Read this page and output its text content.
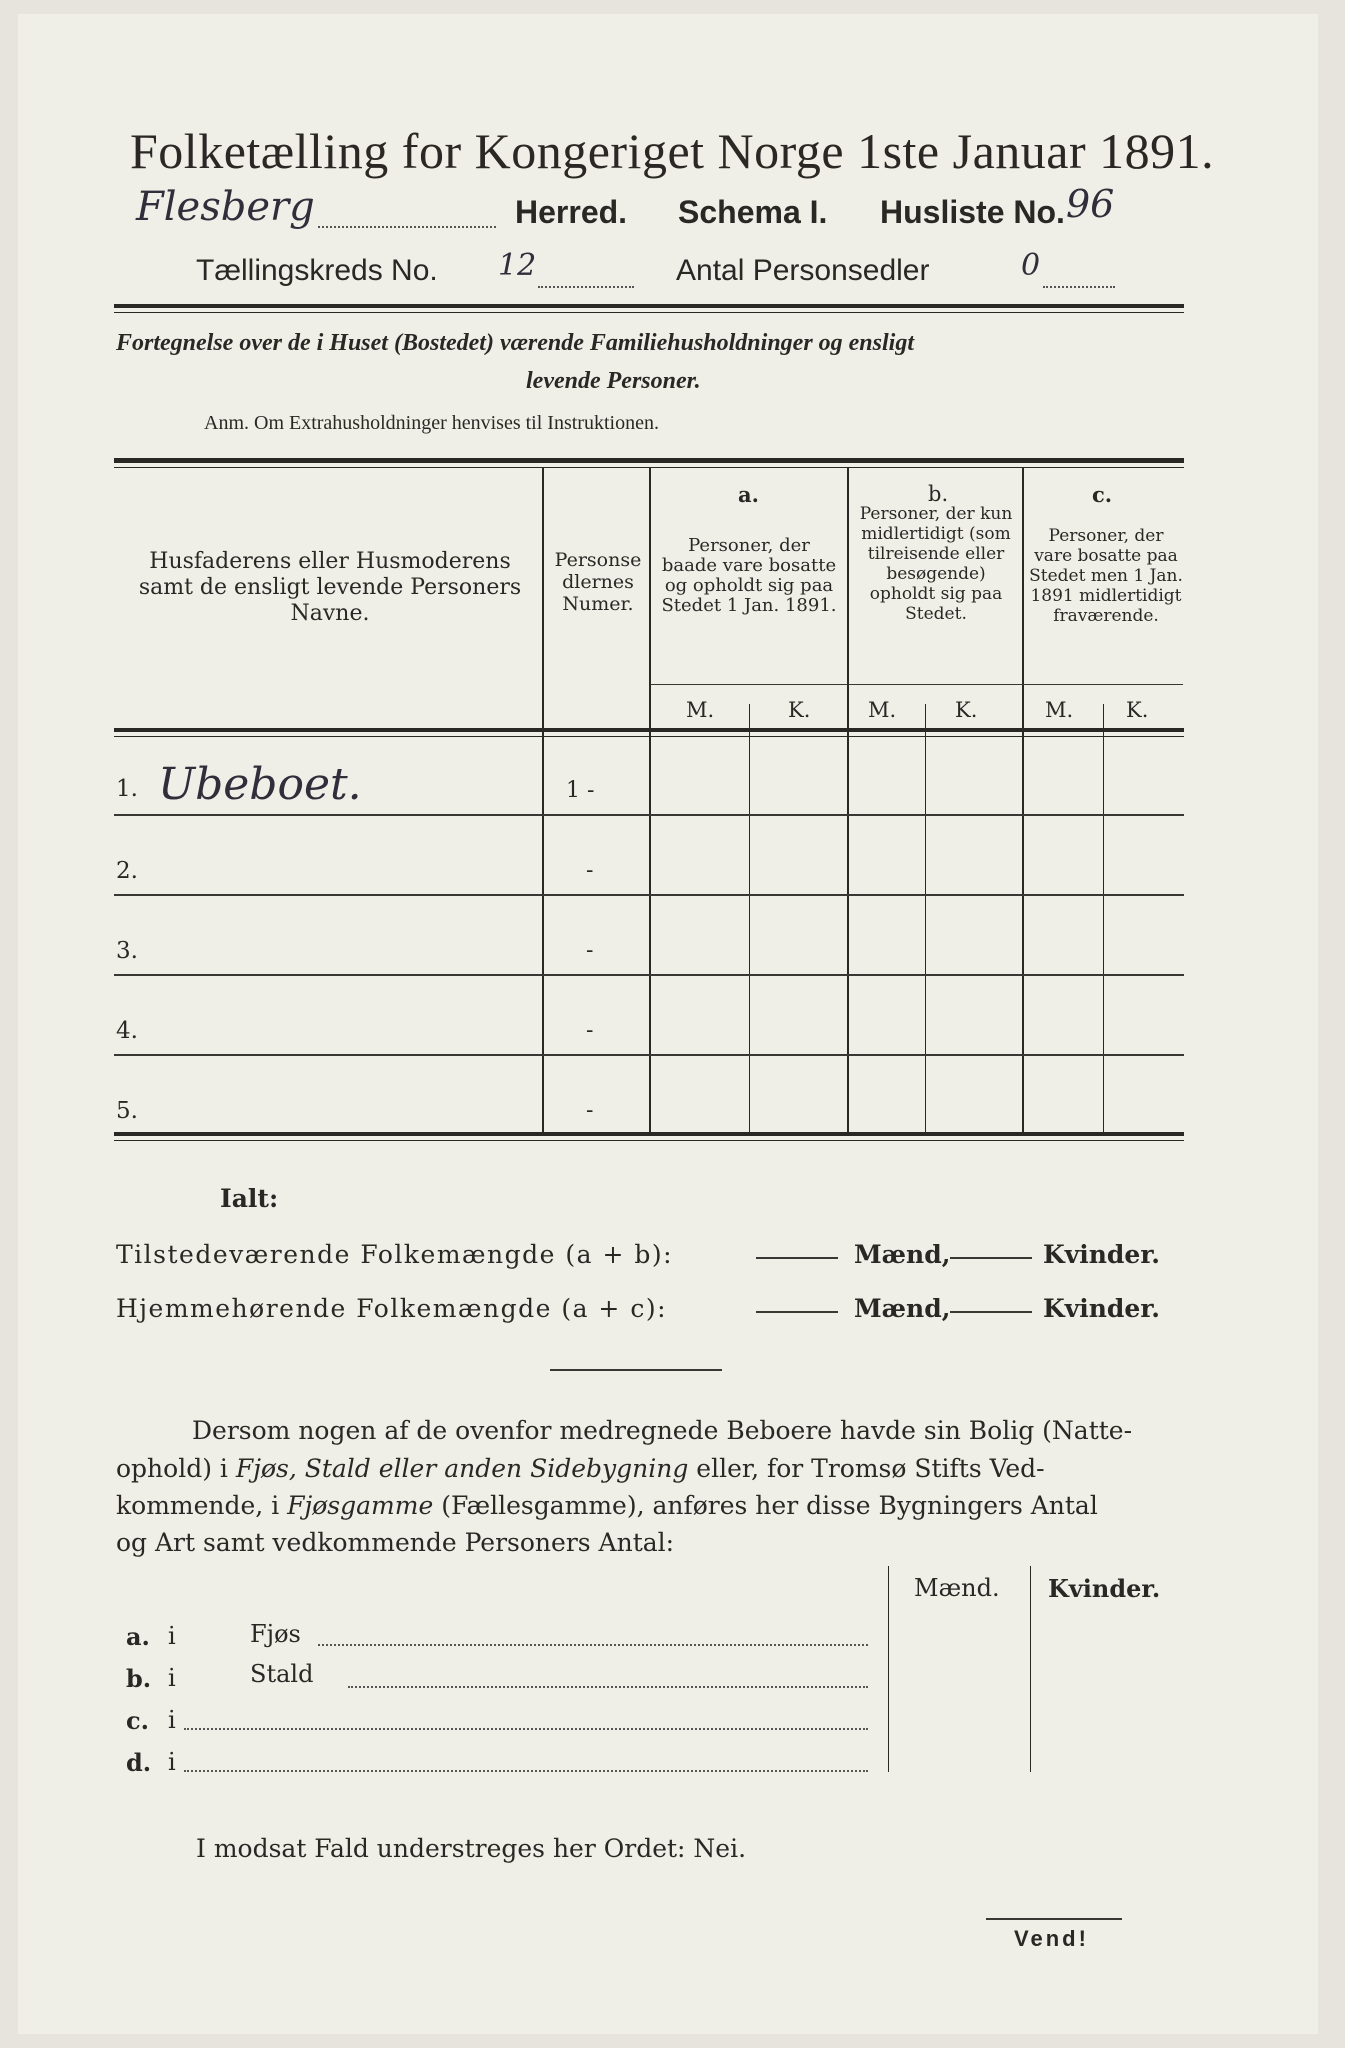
Folketælling for Kongeriget Norge 1ste Januar 1891.
Flesberg	Herred. Schema I. Husliste No. 96
Tællingskreds No. 12	Antal Personsedler	0
Fortegnelse over de i Huset (Bostedet) værende Familiehusholdninger og ensligt
levende Personer.
Anm. Om Extrahusholdninger henvises til Instruktionen.
Husfaderens eller Husmoderens samt de ensligt levende Personers Navne.
Personsedlernes Numer.
a.
Personer, der baade vare bosatte og opholdt sig paa Stedet 1 Jan. 1891.
b.
Personer, der kun midlertidigt (som tilreisende eller besøgende) opholdt sig paa Stedet.
c.
Personer, der vare bosatte paa Stedet men 1 Jan. 1891 midlertidigt fraværende.
M.	K.	M.	K.	M.	K.
1. Ubeboet.	1 -
2.	-
3.	-
4.	-
5.	-
Ialt:
Tilstedeværende Folkemængde (a + b):	Mænd,	Kvinder.
Hjemmehørende Folkemængde (a + c):	Mænd,	Kvinder.
Dersom nogen af de ovenfor medregnede Beboere havde sin Bolig (Natte-
ophold) i Fjøs, Stald eller anden Sidebygning eller, for Tromsø Stifts Ved-
kommende, i Fjøsgamme (Fællesgamme), anføres her disse Bygningers Antal
og Art samt vedkommende Personers Antal:
Mænd. Kvinder.
a. i	Fjøs
b. i	Stald
c. i
d. i
I modsat Fald understreges her Ordet: Nei.
Vend!
